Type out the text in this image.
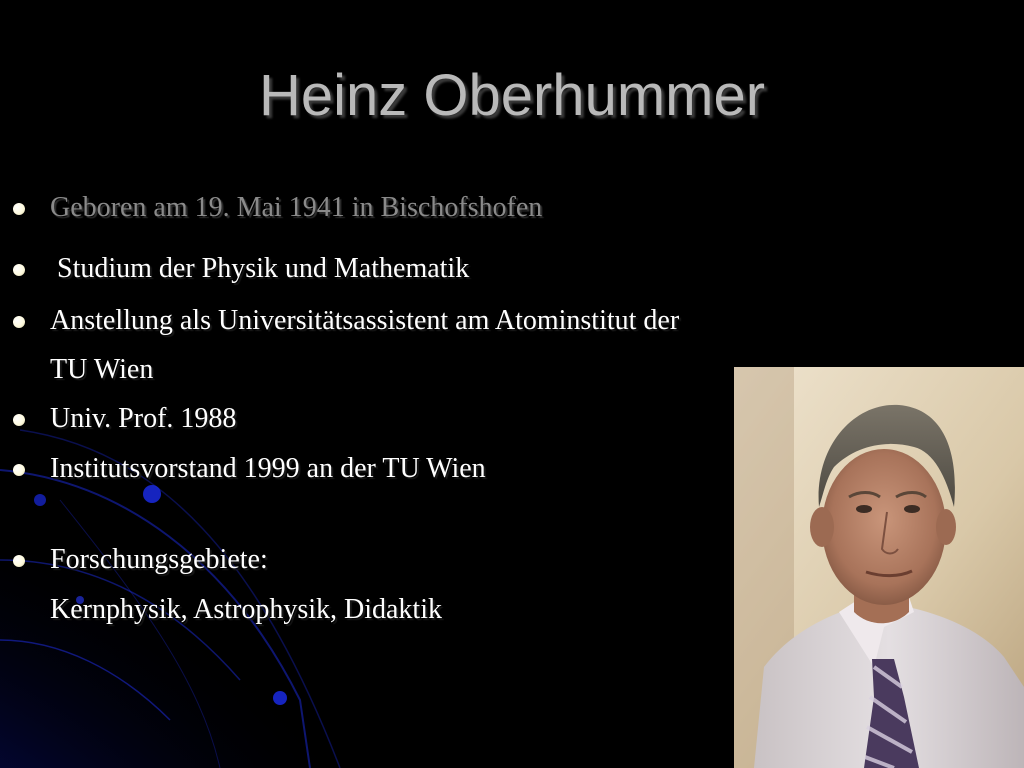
Heinz Oberhummer
Geboren am 19. Mai 1941 in Bischofshofen
Studium der Physik und Mathematik
Anstellung als Universitätsassistent am Atominstitut der
TU Wien
Univ. Prof. 1988
Institutsvorstand 1999 an der TU Wien
Forschungsgebiete:
Kernphysik, Astrophysik, Didaktik
